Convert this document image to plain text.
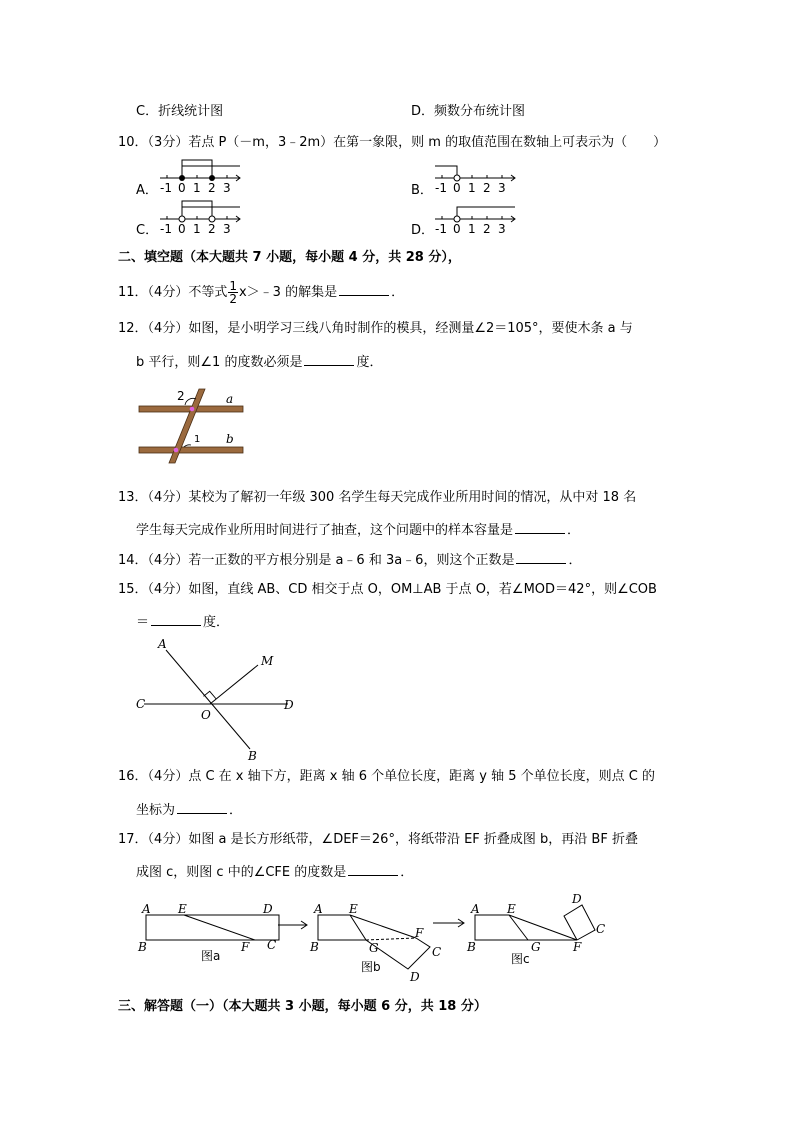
C．折线统计图	D．频数分布统计图
10．（3分）若点 P（－m，3﹣2m）在第一象限，则 m 的取值范围在数轴上可表示为（　　）
A． -1 0 1 2 3	B． -1 0 1 2 3
C． -1 0 1 2 3	D． -1 0 1 2 3
二、填空题（本大题共 7 小题，每小题 4 分，共 28 分），
11．（4分）不等式 $\frac{1}{2}$ x＞﹣3 的解集是	．
12．（4分）如图，是小明学习三线八角时制作的模具，经测量∠2＝105°，要使木条 a 与
b 平行，则∠1 的度数必须是	度．
2	a
1 b
13．（4分）某校为了解初一年级 300 名学生每天完成作业所用时间的情况，从中对 18 名
学生每天完成作业所用时间进行了抽查，这个问题中的样本容量是	．
14．（4分）若一正数的平方根分别是 a﹣6 和 3a﹣6，则这个正数是	．
15．（4分）如图，直线 AB、CD 相交于点 O，OM⊥AB 于点 O，若∠MOD＝42°，则∠COB
＝	度．
A
M
C
O
D
B
16．（4分）点 C 在 x 轴下方，距离 x 轴 6 个单位长度，距离 y 轴 5 个单位长度，则点 C 的
坐标为	．
17．（4分）如图 a 是长方形纸带，∠DEF＝26°，将纸带沿 EF 折叠成图 b，再沿 BF 折叠
成图 c，则图 c 中的∠CFE 的度数是	．
A E	D
B	F C
图a
A E
B	G
F
C
D
图b
A E
D
C
B	G	F
图c
三、解答题（一）（本大题共 3 小题，每小题 6 分，共 18 分）
